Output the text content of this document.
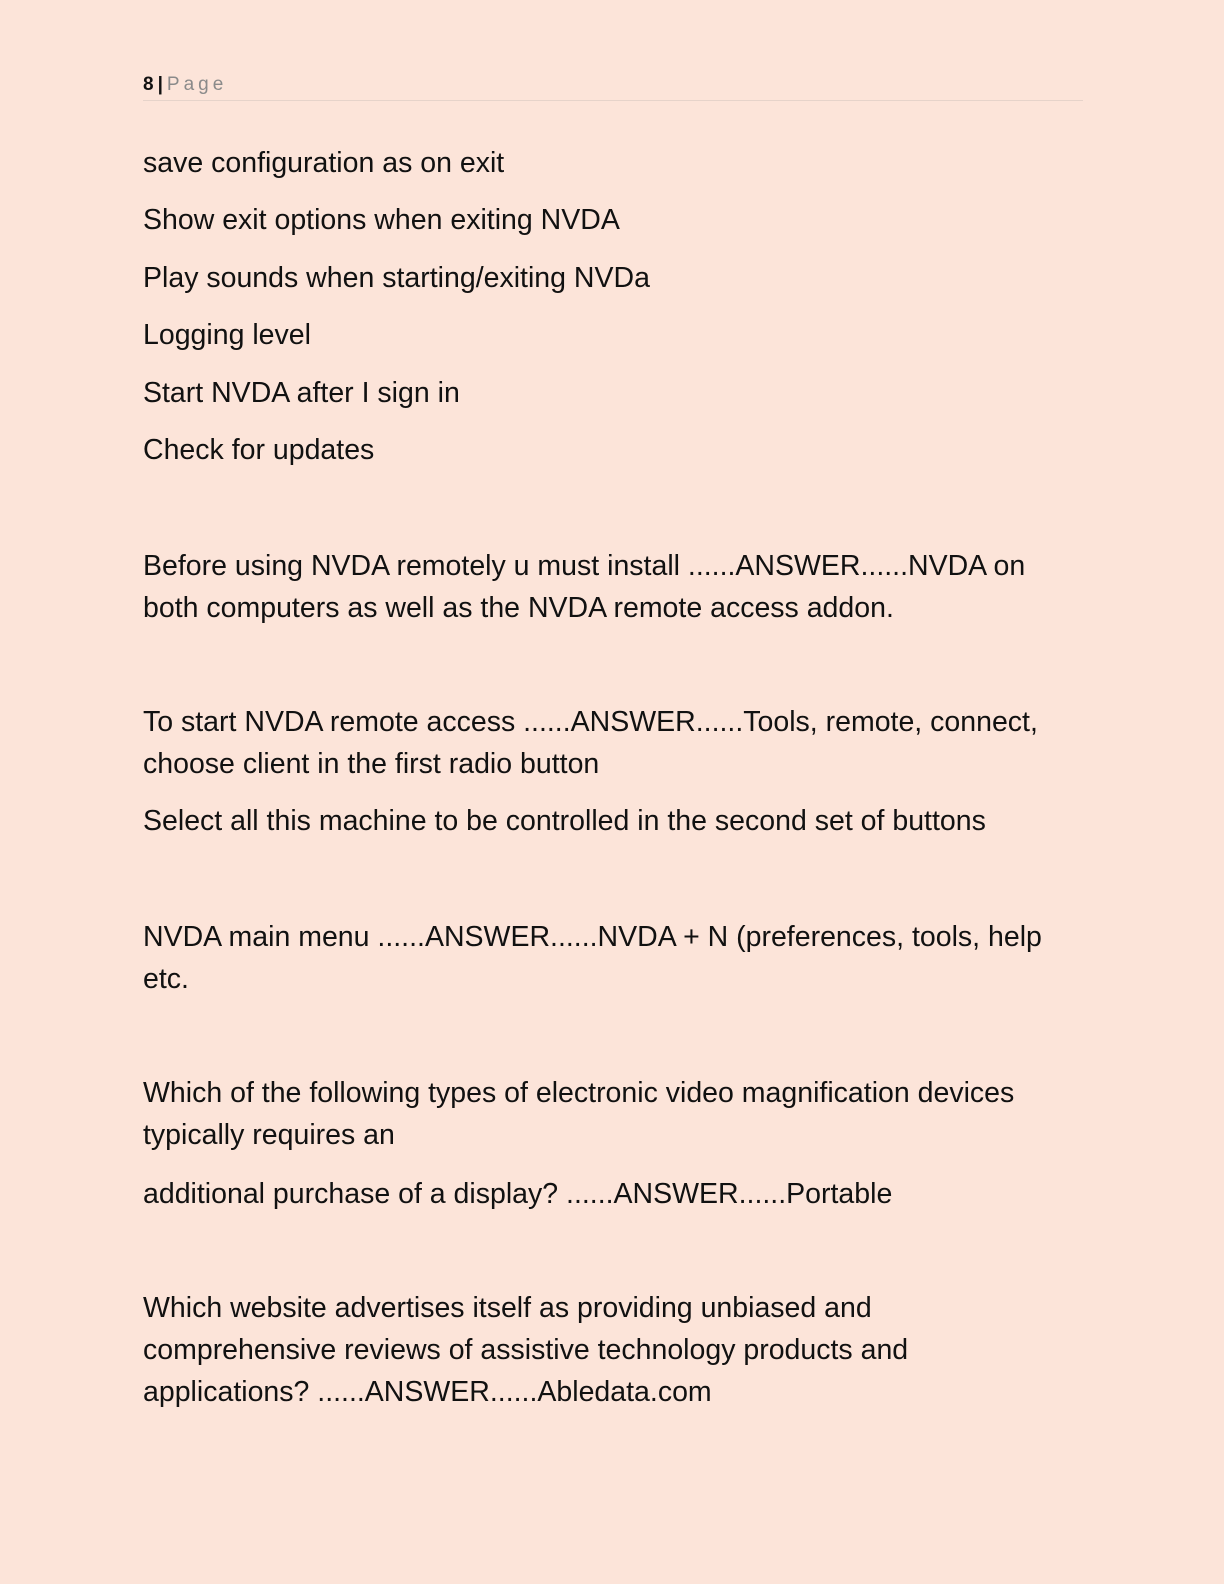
8 | Page

save configuration as on exit

Show exit options when exiting NVDA

Play sounds when starting/exiting NVDa

Logging level

Start NVDA after I sign in

Check for updates

Before using NVDA remotely u must install ......ANSWER......NVDA on
both computers as well as the NVDA remote access addon.

To start NVDA remote access ......ANSWER......Tools, remote, connect,
choose client in the first radio button

Select all this machine to be controlled in the second set of buttons

NVDA main menu ......ANSWER......NVDA + N (preferences, tools, help
etc.

Which of the following types of electronic video magnification devices
typically requires an

additional purchase of a display? ......ANSWER......Portable

Which website advertises itself as providing unbiased and
comprehensive reviews of assistive technology products and
applications? ......ANSWER......Abledata.com
